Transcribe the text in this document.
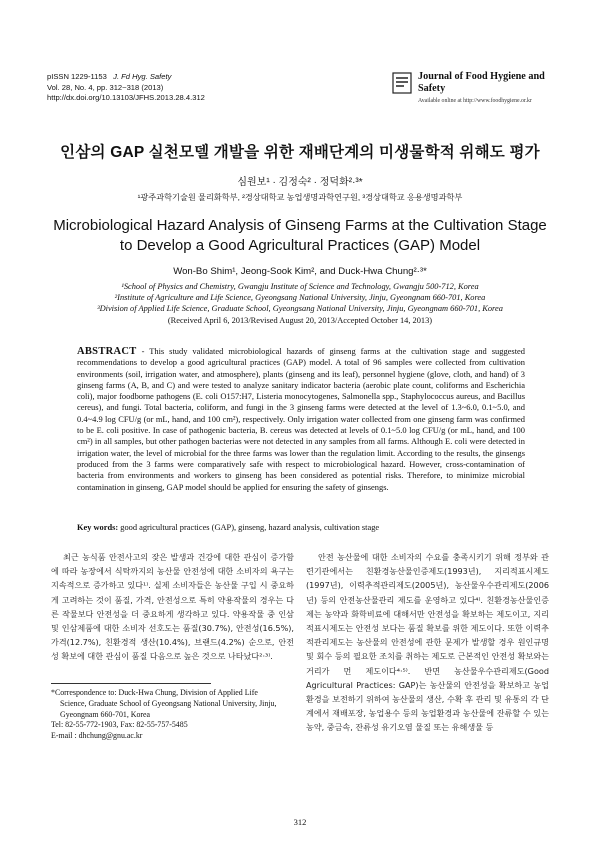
pISSN 1229-1153 J. Fd Hyg. Safety
Vol. 28, No. 4, pp. 312~318 (2013)
http://dx.doi.org/10.13103/JFHS.2013.28.4.312
Journal of Food Hygiene and Safety
Available online at http://www.foodhygiene.or.kr
인삼의 GAP 실천모델 개발을 위한 재배단계의 미생물학적 위해도 평가
심원보¹ · 김정숙² · 정덕화²·³*
¹광주과학기술원 물리화학부, ²경상대학교 농업생명과학연구원, ³경상대학교 응용생명과학부
Microbiological Hazard Analysis of Ginseng Farms at the Cultivation Stage
to Develop a Good Agricultural Practices (GAP) Model
Won-Bo Shim¹, Jeong-Sook Kim², and Duck-Hwa Chung²·³*
¹School of Physics and Chemistry, Gwangju Institute of Science and Technology, Gwangju 500-712, Korea
²Institute of Agriculture and Life Science, Gyeongsang National University, Jinju, Gyeongnam 660-701, Korea
³Division of Applied Life Science, Graduate School, Gyeongsang National University, Jinju, Gyeongnam 660-701, Korea
(Received April 6, 2013/Revised August 20, 2013/Accepted October 14, 2013)
ABSTRACT - This study validated microbiological hazards of ginseng farms at the cultivation stage and suggested recommendations to develop a good agricultural practices (GAP) model. A total of 96 samples were collected from cultivation environments (soil, irrigation water, and atmosphere), plants (ginseng and its leaf), personnel hygiene (glove, cloth, and hand) of 3 ginseng farms (A, B, and C) and were tested to analyze sanitary indicator bacteria (aerobic plate count, coliforms and Escherichia coli), major foodborne pathogens (E. coli O157:H7, Listeria monocytogenes, Salmonella spp., Staphylococcus aureus, and Bacillus cereus), and fungi. Total bacteria, coliform, and fungi in the 3 ginseng farms were detected at the level of 1.3~6.0, 0.1~5.0, and 0.4~4.9 log CFU/g (or mL, hand, and 100 cm²), respectively. Only irrigation water collected from one ginseng farm was confirmed to be E. coli positive. In case of pathogenic bacteria, B. cereus was detected at levels of 0.1~5.0 log CFU/g (or mL, hand, and 100 cm²) in all samples, but other pathogen bacterias were not detected in any samples from all farms. Although E. coli were detected in irrigation water, the level of microbial for the three farms was lower than the regulation limit. According to the results, the ginsengs produced from the 3 farms were comparatively safe with respect to microbiological hazard. However, cross-contamination of bacteria from environments and workers to ginseng has been considered as potential risks. Therefore, to minimize microbial contamination in ginseng, GAP model should be applied for ensuring the safety of ginsengs.
Key words: good agricultural practices (GAP), ginseng, hazard analysis, cultivation stage
최근 농식품 안전사고의 잦은 발생과 건강에 대한 관심이 증가함에 따라 농장에서 식탁까지의 농산물 안전성에 대한 소비자의 욕구는 지속적으로 증가하고 있다¹⁾. 실제 소비자들은 농산물 구입 시 중요하게 고려하는 것이 품질, 가격, 안전성으로 특히 약용작물의 경우는 다른 작물보다 안전성을 더 중요하게 생각하고 있다. 약용작물 중 인삼 및 인삼제품에 대한 소비자 선호도는 품질(30.7%), 안전성(16.5%), 가격(12.7%), 친환경적 생산(10.4%), 브랜드(4.2%) 순으로, 안전성 확보에 대한 관심이 품질 다음으로 높은 것으로 나타났다²·³⁾.
안전 농산물에 대한 소비자의 수요를 충족시키기 위해 정부와 관련기관에서는 친환경농산물인증제도(1993년), 지리적표시제도(1997년), 이력추적관리제도(2005년), 농산물우수관리제도(2006년) 등의 안전농산물관리 제도를 운영하고 있다⁴⁾. 친환경농산물인증제는 농약과 화학비료에 대해서만 안전성을 확보하는 제도이고, 지리적표시제도는 안전성 보다는 품질 확보를 위한 제도이다. 또한 이력추적관리제도는 농산물의 안전성에 관한 문제가 발생할 경우 원인규명 및 회수 등의 필요한 조치를 취하는 제도로 근본적인 안전성 확보와는 거리가 먼 제도이다⁴·⁵⁾. 반면 농산물우수관리제도(Good Agricultural Practices: GAP)는 농산물의 안전성을 확보하고 농업환경을 보전하기 위하여 농산물의 생산, 수확 후 관리 및 유통의 각 단계에서 재배포장, 농업용수 등의 농업환경과 농산물에 잔류할 수 있는 농약, 중금속, 잔류성 유기오염 물질 또는 유해생물 등
*Correspondence to: Duck-Hwa Chung, Division of Applied Life

Science, Graduate School of Gyeongsang National University, Jinju,
Gyeongnam 660-701, Korea
Tel: 82-55-772-1903, Fax: 82-55-757-5485
E-mail : dhchung@gnu.ac.kr
312
